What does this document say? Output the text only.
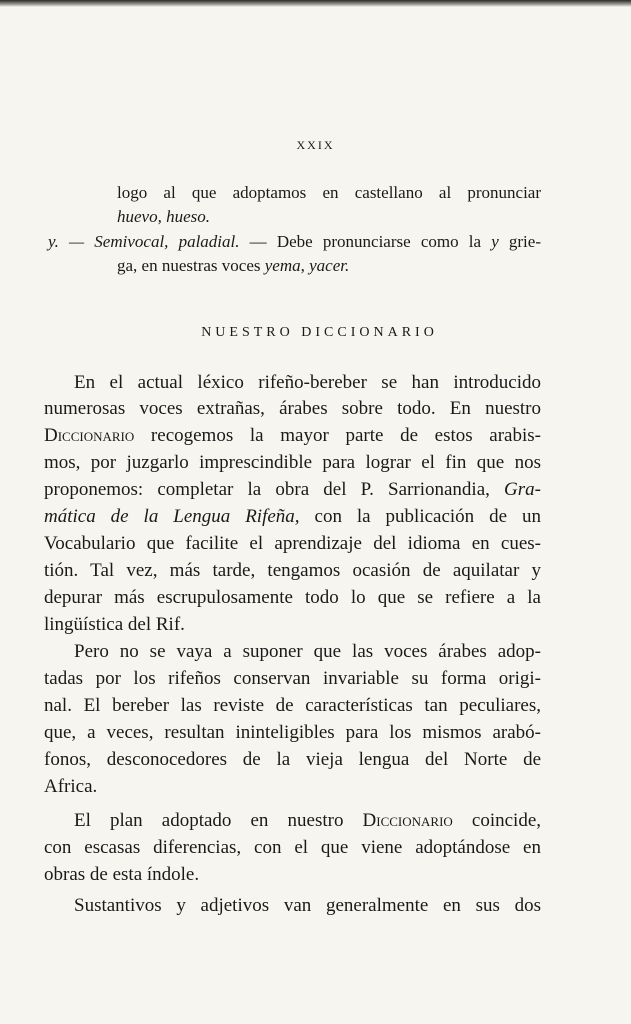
XXIX
logo al que adoptamos en castellano al pronunciar
huevo, hueso.
y. — Semivocal, paladial. — Debe pronunciarse como la y grie-
ga, en nuestras voces yema, yacer.
NUESTRO DICCIONARIO
En el actual léxico rifeño-bereber se han introducido
numerosas voces extrañas, árabes sobre todo. En nuestro
Diccionario recogemos la mayor parte de estos arabis-
mos, por juzgarlo imprescindible para lograr el fin que nos
proponemos: completar la obra del P. Sarrionandia, Gra-
mática de la Lengua Rifeña, con la publicación de un
Vocabulario que facilite el aprendizaje del idioma en cues-
tión. Tal vez, más tarde, tengamos ocasión de aquilatar y
depurar más escrupulosamente todo lo que se refiere a la
lingüística del Rif.
Pero no se vaya a suponer que las voces árabes adop-
tadas por los rifeños conservan invariable su forma origi-
nal. El bereber las reviste de características tan peculiares,
que, a veces, resultan ininteligibles para los mismos arabó-
fonos, desconocedores de la vieja lengua del Norte de
Africa.
El plan adoptado en nuestro Diccionario coincide,
con escasas diferencias, con el que viene adoptándose en
obras de esta índole.
Sustantivos y adjetivos van generalmente en sus dos
